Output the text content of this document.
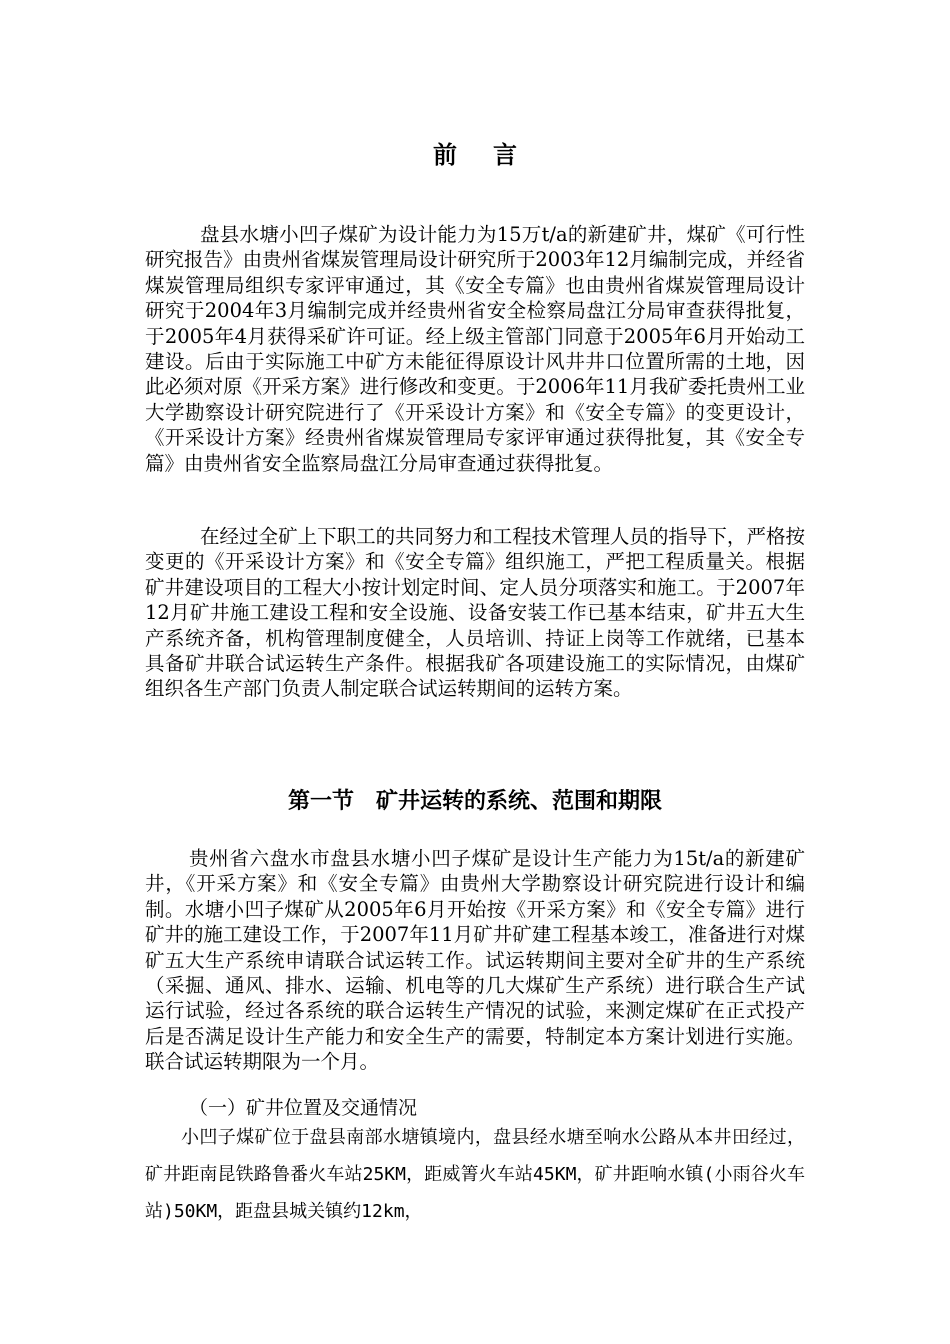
前言

盘县水塘小凹子煤矿为设计能力为15万t/a的新建矿井，煤矿《可行性研究报告》由贵州省煤炭管理局设计研究所于2003年12月编制完成，并经省煤炭管理局组织专家评审通过，其《安全专篇》也由贵州省煤炭管理局设计研究于2004年3月编制完成并经贵州省安全检察局盘江分局审查获得批复，于2005年4月获得采矿许可证。经上级主管部门同意于2005年6月开始动工建设。后由于实际施工中矿方未能征得原设计风井井口位置所需的土地，因此必须对原《开采方案》进行修改和变更。于2006年11月我矿委托贵州工业大学勘察设计研究院进行了《开采设计方案》和《安全专篇》的变更设计，《开采设计方案》经贵州省煤炭管理局专家评审通过获得批复，其《安全专篇》由贵州省安全监察局盘江分局审查通过获得批复。

在经过全矿上下职工的共同努力和工程技术管理人员的指导下，严格按变更的《开采设计方案》和《安全专篇》组织施工，严把工程质量关。根据矿井建设项目的工程大小按计划定时间、定人员分项落实和施工。于2007年12月矿井施工建设工程和安全设施、设备安装工作已基本结束，矿井五大生产系统齐备，机构管理制度健全，人员培训、持证上岗等工作就绪，已基本具备矿井联合试运转生产条件。根据我矿各项建设施工的实际情况，由煤矿组织各生产部门负责人制定联合试运转期间的运转方案。

第一节　矿井运转的系统、范围和期限

贵州省六盘水市盘县水塘小凹子煤矿是设计生产能力为15t/a的新建矿井，《开采方案》和《安全专篇》由贵州大学勘察设计研究院进行设计和编制。水塘小凹子煤矿从2005年6月开始按《开采方案》和《安全专篇》进行矿井的施工建设工作，于2007年11月矿井矿建工程基本竣工，准备进行对煤矿五大生产系统申请联合试运转工作。试运转期间主要对全矿井的生产系统（采掘、通风、排水、运输、机电等的几大煤矿生产系统）进行联合生产试运行试验，经过各系统的联合运转生产情况的试验，来测定煤矿在正式投产后是否满足设计生产能力和安全生产的需要，特制定本方案计划进行实施。联合试运转期限为一个月。

（一）矿井位置及交通情况

小凹子煤矿位于盘县南部水塘镇境内，盘县经水塘至响水公路从本井田经过，矿井距南昆铁路鲁番火车站25KM，距威箐火车站45KM，矿井距响水镇(小雨谷火车站)50KM，距盘县城关镇约12km，
